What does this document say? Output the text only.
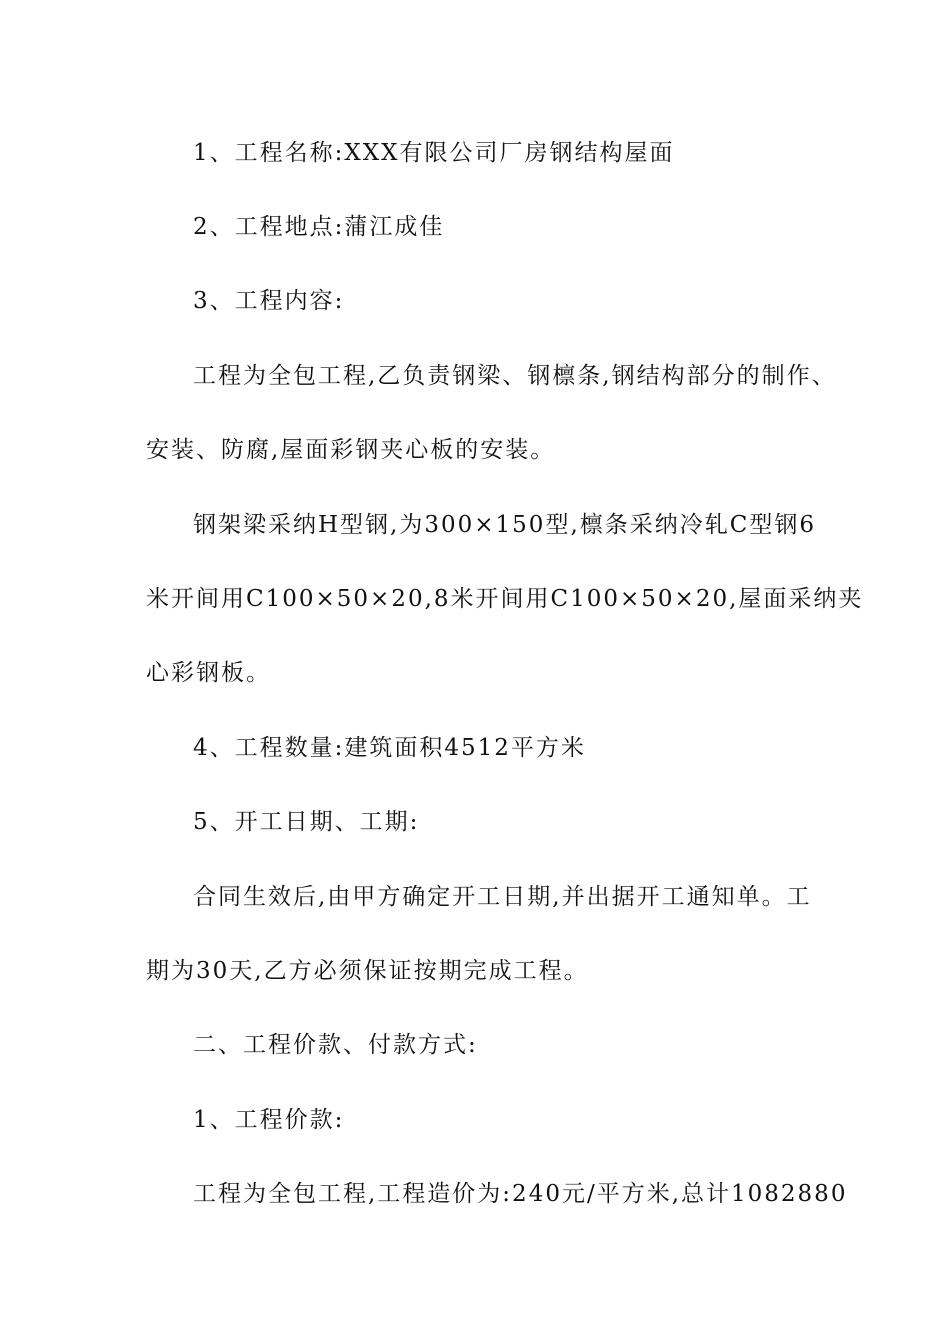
1、工程名称:XXX有限公司厂房钢结构屋面
2、工程地点:蒲江成佳
3、工程内容:
工程为全包工程,乙负责钢梁、钢檩条,钢结构部分的制作、
安装、防腐,屋面彩钢夹心板的安装。
钢架梁采纳H型钢,为300×150型,檩条采纳冷轧C型钢6
米开间用C100×50×20,8米开间用C100×50×20,屋面采纳夹
心彩钢板。
4、工程数量:建筑面积4512平方米
5、开工日期、工期:
合同生效后,由甲方确定开工日期,并出据开工通知单。工
期为30天,乙方必须保证按期完成工程。
二、工程价款、付款方式:
1、工程价款:
工程为全包工程,工程造价为:240元/平方米,总计1082880
